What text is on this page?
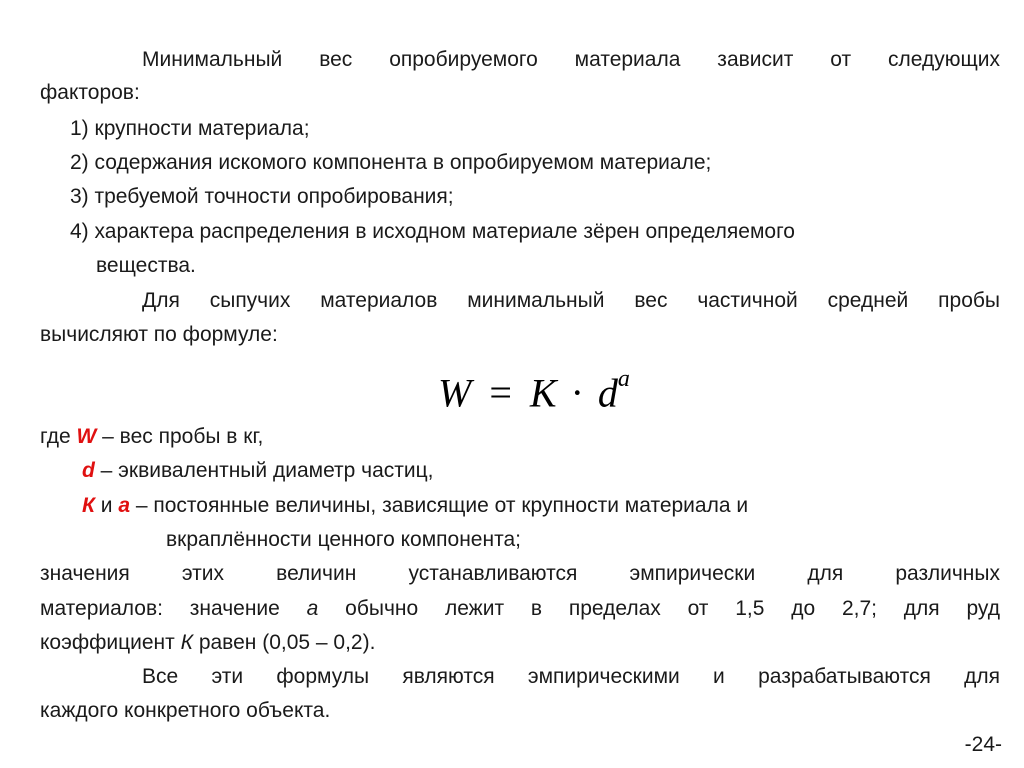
Минимальный вес опробируемого материала зависит от следующих
факторов:
1) крупности материала;
2) содержания искомого компонента в опробируемом материале;
3) требуемой точности опробирования;
4) характера распределения в исходном материале зёрен определяемого
вещества.
Для сыпучих материалов минимальный вес частичной средней пробы
вычисляют по формуле:
$W = K \cdot d^a$
где W – вес пробы в кг,
d – эквивалентный диаметр частиц,
К и а – постоянные величины, зависящие от крупности материала и
вкраплённости ценного компонента;
значения этих величин устанавливаются эмпирически для различных
материалов: значение а обычно лежит в пределах от 1,5 до 2,7; для руд
коэффициент К равен (0,05 – 0,2).
Все эти формулы являются эмпирическими и разрабатываются для
каждого конкретного объекта.
-24-
